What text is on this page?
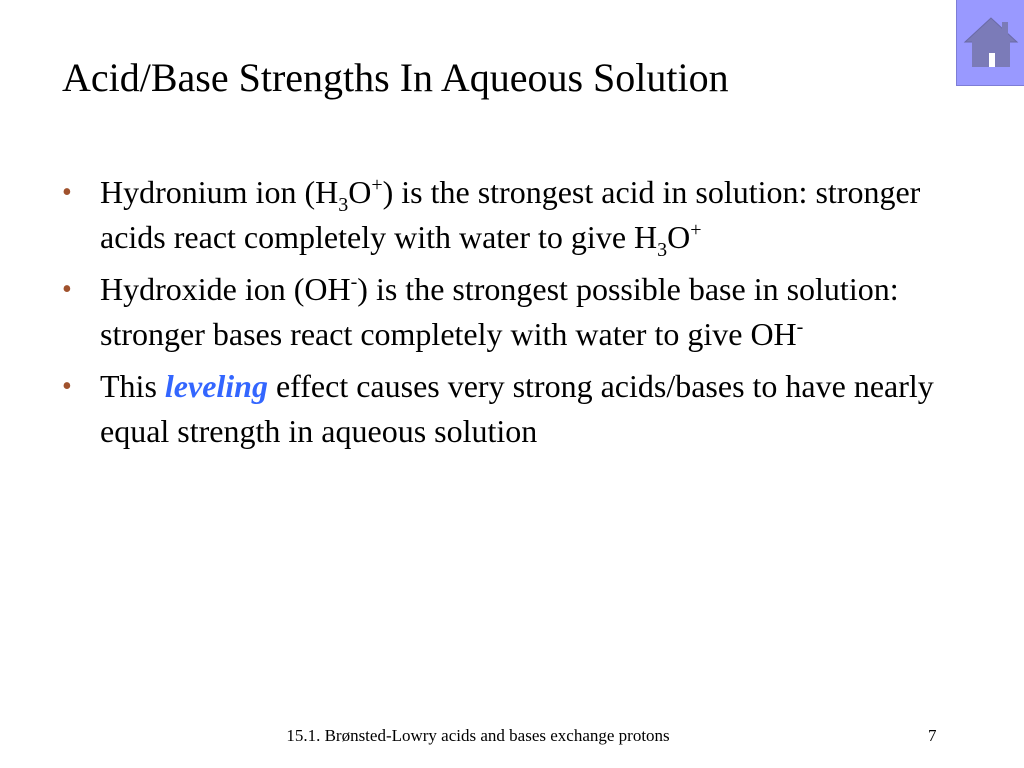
Acid/Base Strengths In Aqueous Solution
• Hydronium ion $(H_3O^+)$ is the strongest acid in solution: stronger acids react completely with water to give $H_3O^+$
• Hydroxide ion (OH-) is the strongest possible base in solution: stronger bases react completely with water to give OH-
• This leveling effect causes very strong acids/bases to have nearly equal strength in aqueous solution
15.1. Brønsted-Lowry acids and bases exchange protons	7
